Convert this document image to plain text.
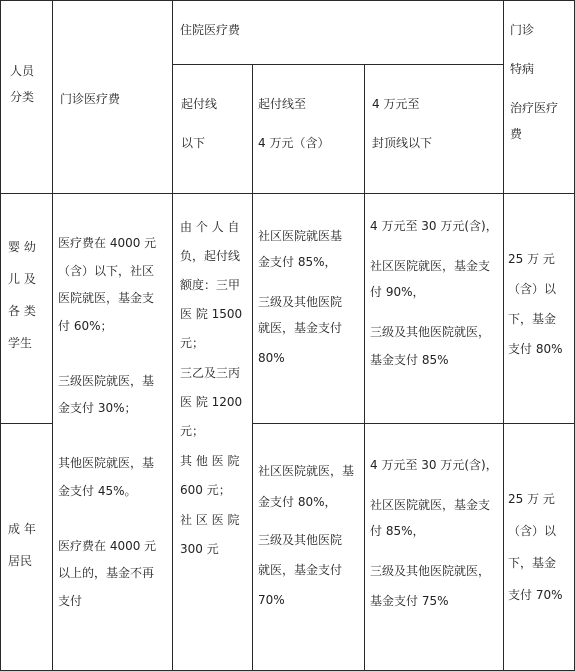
人员
分类 门诊医疗费
住院医疗费	门诊
特病
治疗医疗
费
起付线
以下
起付线至
4 万元（含）
4 万元至
封顶线以下
婴 幼
儿 及
各 类
学生
成 年
居民
医疗费在 4000 元
（含）以下，社区
医院就医，基金支
付 60%；
三级医院就医，基
金支付 30%；
其他医院就医，基
金支付 45%。
医疗费在 4000 元
以上的，基金不再
支付
由 个 人 自
负，起付线
额度：三甲
医 院 1500
元；
三乙及三丙
医 院 1200
元；
其 他 医 院
600 元；
社 区 医 院
300 元
社区医院就医基
金支付 85%，
三级及其他医院
就医，基金支付
80%
4 万元至 30 万元(含)，
社区医院就医，基金支
付 90%，
三级及其他医院就医，
基金支付 85%
25 万 元
（含）以
下，基金
支付 80%
社区医院就医，基
金支付 80%，
三级及其他医院
就医，基金支付
70%
4 万元至 30 万元(含)，
社区医院就医，基金支
付 85%，
三级及其他医院就医，
基金支付 75%
25 万 元
（含）以
下，基金
支付 70%
